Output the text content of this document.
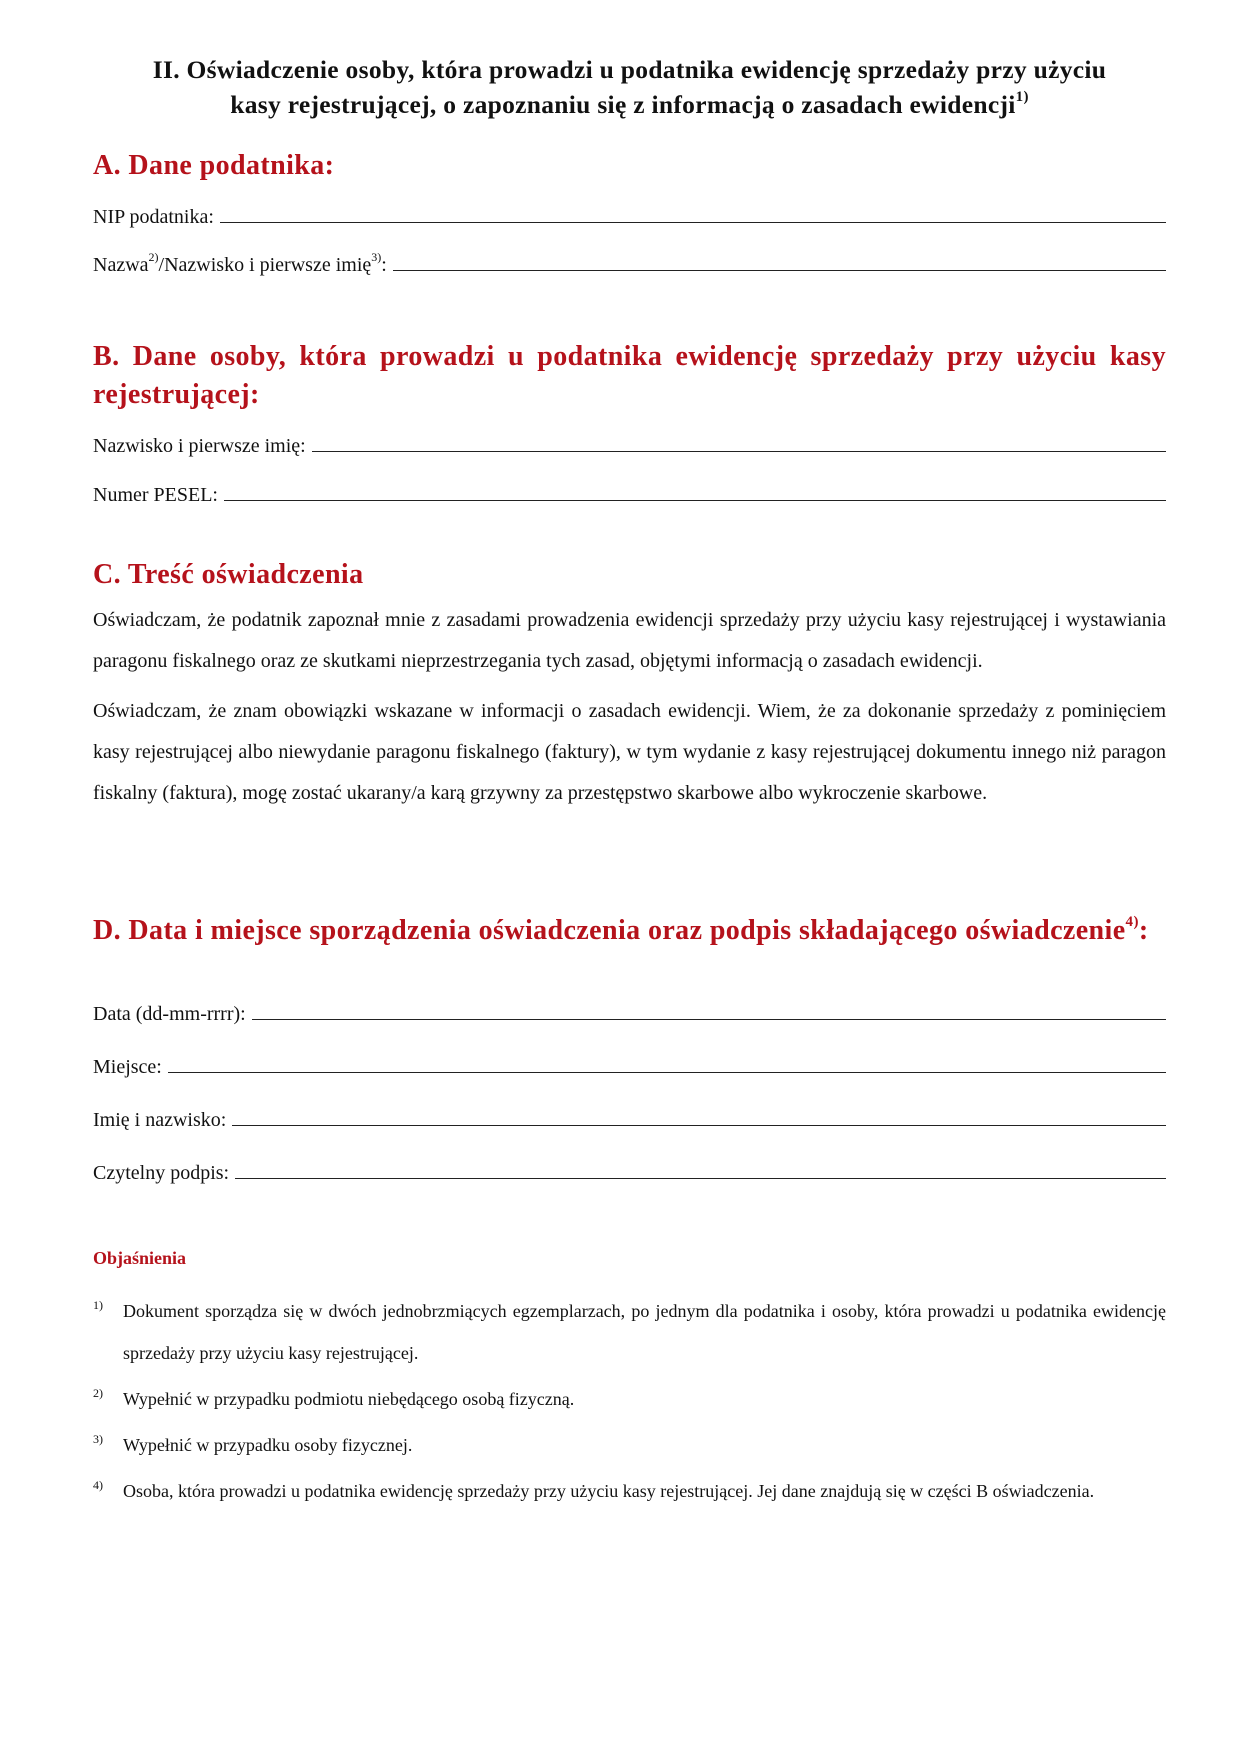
II. Oświadczenie osoby, która prowadzi u podatnika ewidencję sprzedaży przy użyciu
kasy rejestrującej, o zapoznaniu się z informacją o zasadach ewidencji$^{1)}$

A. Dane podatnika:
NIP podatnika:
Nazwa$^{2)}$/Nazwisko i pierwsze imię$^{3)}$:
B. Dane osoby, która prowadzi u podatnika ewidencję sprzedaży przy użyciu kasy rejestrującej:
Nazwisko i pierwsze imię:
Numer PESEL:
C. Treść oświadczenia

Oświadczam, że podatnik zapoznał mnie z zasadami prowadzenia ewidencji sprzedaży przy użyciu kasy rejestrującej i wystawiania paragonu fiskalnego oraz ze skutkami nieprzestrzegania tych zasad, objętymi informacją o zasadach ewidencji.

Oświadczam, że znam obowiązki wskazane w informacji o zasadach ewidencji. Wiem, że za dokonanie sprzedaży z pominięciem kasy rejestrującej albo niewydanie paragonu fiskalnego (faktury), w tym wydanie z kasy rejestrującej dokumentu innego niż paragon fiskalny (faktura), mogę zostać ukarany/a karą grzywny za przestępstwo skarbowe albo wykroczenie skarbowe.

D. Data i miejsce sporządzenia oświadczenia oraz podpis składającego oświadczenie$^{4)}$:
Data (dd-mm-rrrr):
Miejsce:
Imię i nazwisko:
Czytelny podpis:

Objaśnienia

1)	Dokument sporządza się w dwóch jednobrzmiących egzemplarzach, po jednym dla podatnika i osoby, która prowadzi u podatnika ewidencję sprzedaży przy użyciu kasy rejestrującej.
2)	Wypełnić w przypadku podmiotu niebędącego osobą fizyczną.
3)	Wypełnić w przypadku osoby fizycznej.
4)	Osoba, która prowadzi u podatnika ewidencję sprzedaży przy użyciu kasy rejestrującej. Jej dane znajdują się w części B oświadczenia.
